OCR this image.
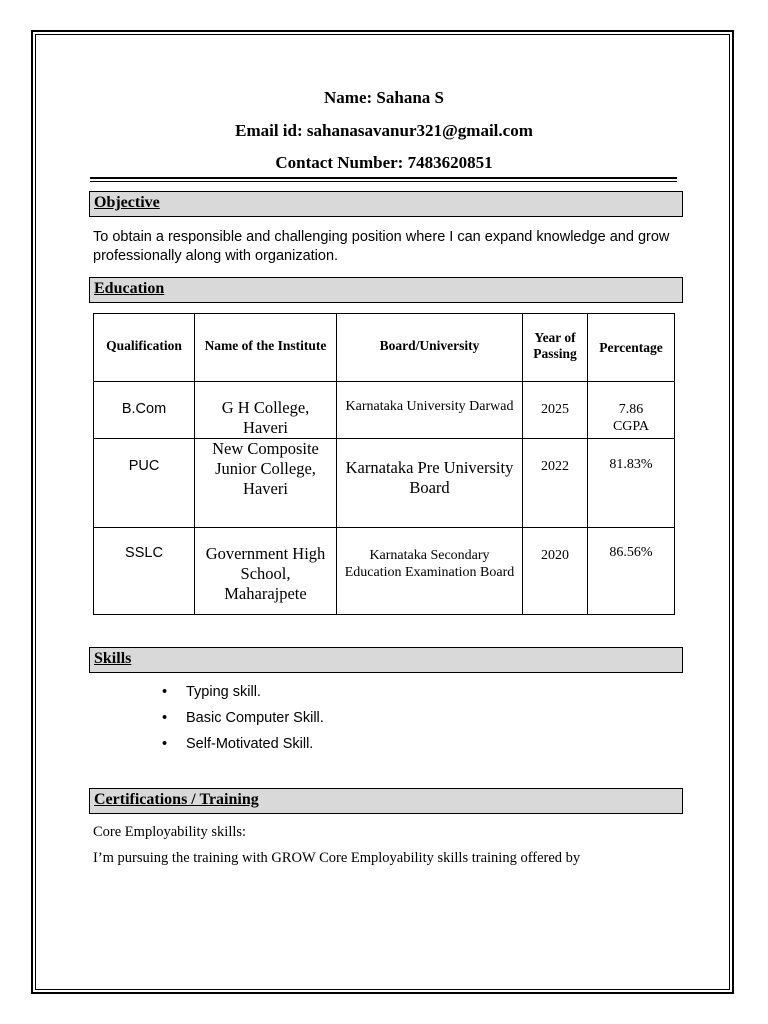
Name: Sahana S
Email id: sahanasavanur321@gmail.com
Contact Number: 7483620851
Objective
To obtain a responsible and challenging position where I can expand knowledge and grow professionally along with organization.
Education
Qualification	Name of the Institute	Board/University	Year of Passing	Percentage

B.Com	G H College, Haveri	Karnataka University Darwad	2025	7.86 CGPA
PUC	New Composite Junior College, Haveri	Karnataka Pre University Board	2022	81.83%
SSLC	Government High School, Maharajpete	Karnataka Secondary Education Examination Board	2020	86.56%
Skills
• Typing skill.
• Basic Computer Skill.
• Self-Motivated Skill.
Certifications / Training
Core Employability skills:
I’m pursuing the training with GROW Core Employability skills training offered by
